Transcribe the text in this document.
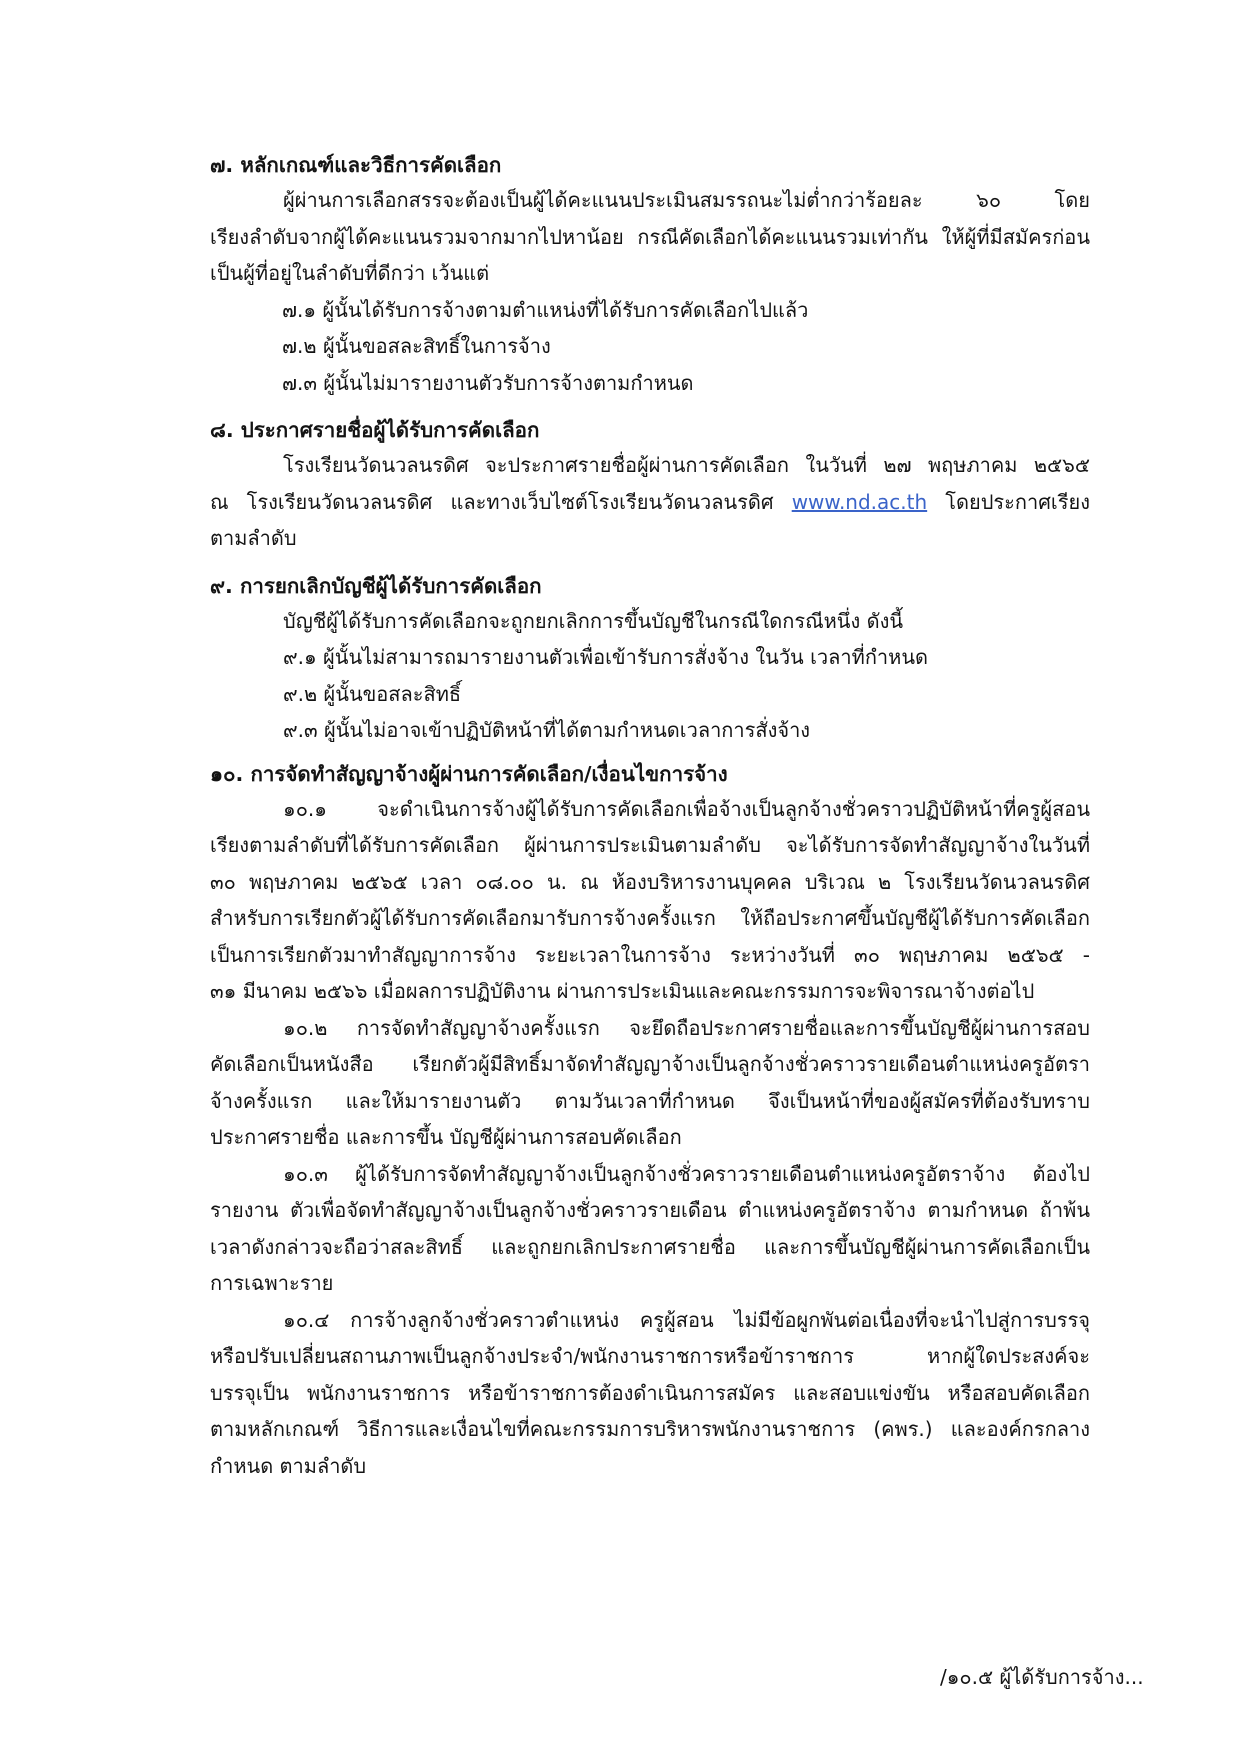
๗. หลักเกณฑ์และวิธีการคัดเลือก
ผู้ผ่านการเลือกสรรจะต้องเป็นผู้ได้คะแนนประเมินสมรรถนะไม่ต่ำกว่าร้อยละ ๖๐ โดย
เรียงลำดับจากผู้ได้คะแนนรวมจากมากไปหาน้อย กรณีคัดเลือกได้คะแนนรวมเท่ากัน ให้ผู้ที่มีสมัครก่อน
เป็นผู้ที่อยู่ในลำดับที่ดีกว่า เว้นแต่
๗.๑ ผู้นั้นได้รับการจ้างตามตำแหน่งที่ได้รับการคัดเลือกไปแล้ว
๗.๒ ผู้นั้นขอสละสิทธิ์ในการจ้าง
๗.๓ ผู้นั้นไม่มารายงานตัวรับการจ้างตามกำหนด
๘. ประกาศรายชื่อผู้ได้รับการคัดเลือก
โรงเรียนวัดนวลนรดิศ จะประกาศรายชื่อผู้ผ่านการคัดเลือก ในวันที่ ๒๗ พฤษภาคม ๒๕๖๕
ณ โรงเรียนวัดนวลนรดิศ และทางเว็บไซต์โรงเรียนวัดนวลนรดิศ www.nd.ac.th โดยประกาศเรียง
ตามลำดับ
๙. การยกเลิกบัญชีผู้ได้รับการคัดเลือก
บัญชีผู้ได้รับการคัดเลือกจะถูกยกเลิกการขึ้นบัญชีในกรณีใดกรณีหนึ่ง ดังนี้
๙.๑ ผู้นั้นไม่สามารถมารายงานตัวเพื่อเข้ารับการสั่งจ้าง ในวัน เวลาที่กำหนด
๙.๒ ผู้นั้นขอสละสิทธิ์
๙.๓ ผู้นั้นไม่อาจเข้าปฏิบัติหน้าที่ได้ตามกำหนดเวลาการสั่งจ้าง
๑๐. การจัดทำสัญญาจ้างผู้ผ่านการคัดเลือก/เงื่อนไขการจ้าง
๑๐.๑ จะดำเนินการจ้างผู้ได้รับการคัดเลือกเพื่อจ้างเป็นลูกจ้างชั่วคราวปฏิบัติหน้าที่ครูผู้สอน
เรียงตามลำดับที่ได้รับการคัดเลือก ผู้ผ่านการประเมินตามลำดับ จะได้รับการจัดทำสัญญาจ้างในวันที่
๓๐ พฤษภาคม ๒๕๖๕ เวลา ๐๘.๐๐ น. ณ ห้องบริหารงานบุคคล บริเวณ ๒ โรงเรียนวัดนวลนรดิศ
สำหรับการเรียกตัวผู้ได้รับการคัดเลือกมารับการจ้างครั้งแรก ให้ถือประกาศขึ้นบัญชีผู้ได้รับการคัดเลือก
เป็นการเรียกตัวมาทำสัญญาการจ้าง ระยะเวลาในการจ้าง ระหว่างวันที่ ๓๐ พฤษภาคม ๒๕๖๕ -
๓๑ มีนาคม ๒๕๖๖ เมื่อผลการปฏิบัติงาน ผ่านการประเมินและคณะกรรมการจะพิจารณาจ้างต่อไป
๑๐.๒ การจัดทำสัญญาจ้างครั้งแรก จะยึดถือประกาศรายชื่อและการขึ้นบัญชีผู้ผ่านการสอบ
คัดเลือกเป็นหนังสือ เรียกตัวผู้มีสิทธิ์มาจัดทำสัญญาจ้างเป็นลูกจ้างชั่วคราวรายเดือนตำแหน่งครูอัตรา
จ้างครั้งแรก และให้มารายงานตัว ตามวันเวลาที่กำหนด จึงเป็นหน้าที่ของผู้สมัครที่ต้องรับทราบ
ประกาศรายชื่อ และการขึ้น บัญชีผู้ผ่านการสอบคัดเลือก
๑๐.๓ ผู้ได้รับการจัดทำสัญญาจ้างเป็นลูกจ้างชั่วคราวรายเดือนตำแหน่งครูอัตราจ้าง ต้องไป
รายงาน ตัวเพื่อจัดทำสัญญาจ้างเป็นลูกจ้างชั่วคราวรายเดือน ตำแหน่งครูอัตราจ้าง ตามกำหนด ถ้าพ้น
เวลาดังกล่าวจะถือว่าสละสิทธิ์ และถูกยกเลิกประกาศรายชื่อ และการขึ้นบัญชีผู้ผ่านการคัดเลือกเป็น
การเฉพาะราย
๑๐.๔ การจ้างลูกจ้างชั่วคราวตำแหน่ง ครูผู้สอน ไม่มีข้อผูกพันต่อเนื่องที่จะนำไปสู่การบรรจุ
หรือปรับเปลี่ยนสถานภาพเป็นลูกจ้างประจำ/พนักงานราชการหรือข้าราชการ หากผู้ใดประสงค์จะ
บรรจุเป็น พนักงานราชการ หรือข้าราชการต้องดำเนินการสมัคร และสอบแข่งขัน หรือสอบคัดเลือก
ตามหลักเกณฑ์ วิธีการและเงื่อนไขที่คณะกรรมการบริหารพนักงานราชการ (คพร.) และองค์กรกลาง
กำหนด ตามลำดับ
/๑๐.๕ ผู้ได้รับการจ้าง...
